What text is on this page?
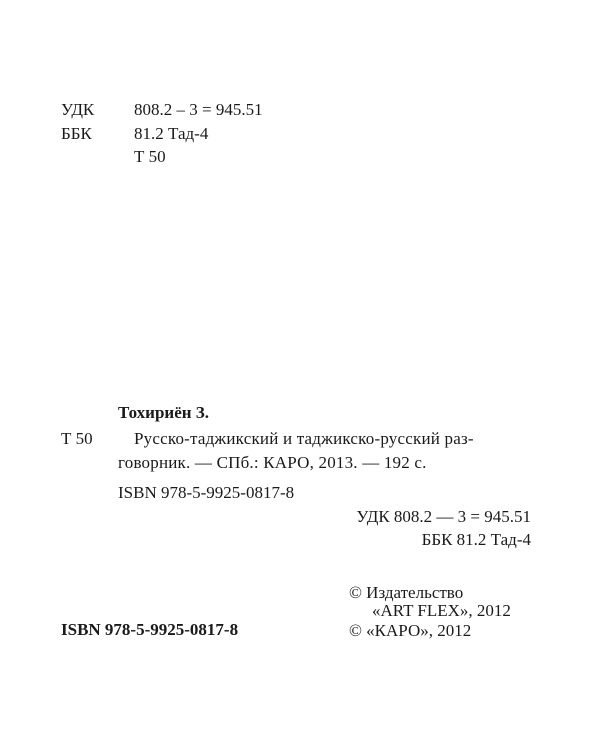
УДК 808.2 – 3 = 945.51
ББК 81.2 Тад-4
Т 50
Тохириён З.
Т 50 Русско-таджикский и таджикско-русский раз-
говорник. — СПб.: КАРО, 2013. — 192 с.
ISBN 978-5-9925-0817-8
УДК 808.2 — 3 = 945.51
ББК 81.2 Тад-4
© Издательство
«ART FLEX», 2012
© «КАРО», 2012
ISBN 978-5-9925-0817-8
